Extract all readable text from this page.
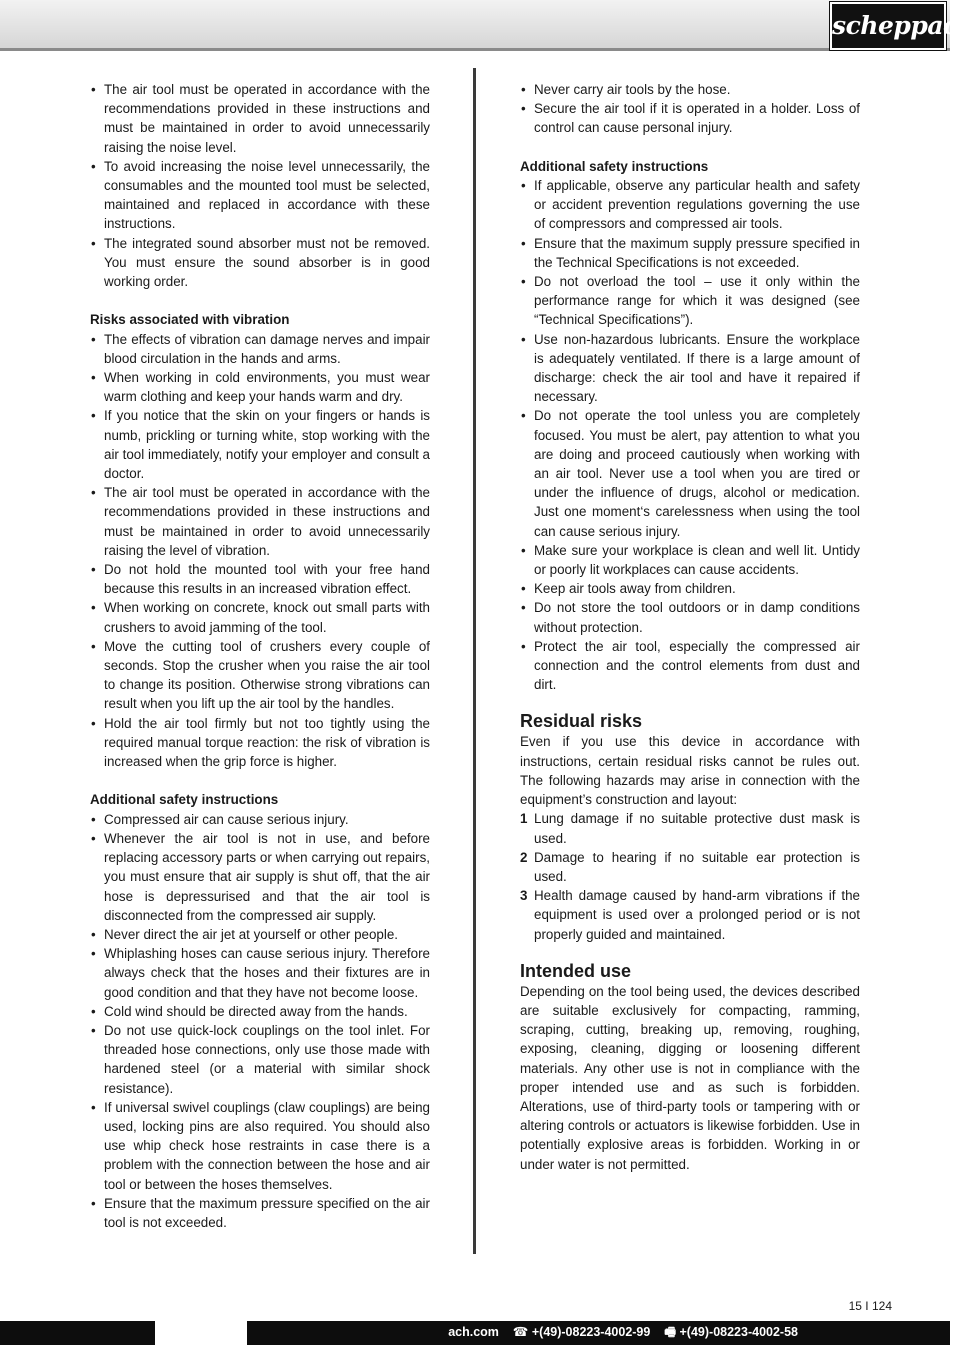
scheppach
• The air tool must be operated in accordance with the recommendations provided in these instructions and must be maintained in order to avoid unnecessarily raising the noise level.
• To avoid increasing the noise level unnecessarily, the consumables and the mounted tool must be selected, maintained and replaced in accordance with these instructions.
• The integrated sound absorber must not be removed. You must ensure the sound absorber is in good working order.
Risks associated with vibration
• The effects of vibration can damage nerves and impair blood circulation in the hands and arms.
• When working in cold environments, you must wear warm clothing and keep your hands warm and dry.
• If you notice that the skin on your fingers or hands is numb, prickling or turning white, stop working with the air tool immediately, notify your employer and consult a doctor.
• The air tool must be operated in accordance with the recommendations provided in these instructions and must be maintained in order to avoid unnecessarily raising the level of vibration.
• Do not hold the mounted tool with your free hand because this results in an increased vibration effect.
• When working on concrete, knock out small parts with crushers to avoid jamming of the tool.
• Move the cutting tool of crushers every couple of seconds. Stop the crusher when you raise the air tool to change its position. Otherwise strong vibrations can result when you lift up the air tool by the handles.
• Hold the air tool firmly but not too tightly using the required manual torque reaction: the risk of vibration is increased when the grip force is higher.
Additional safety instructions
• Compressed air can cause serious injury.
• Whenever the air tool is not in use, and before replacing accessory parts or when carrying out repairs, you must ensure that air supply is shut off, that the air hose is depressurised and that the air tool is disconnected from the compressed air supply.
• Never direct the air jet at yourself or other people.
• Whiplashing hoses can cause serious injury. Therefore always check that the hoses and their fixtures are in good condition and that they have not become loose.
• Cold wind should be directed away from the hands.
• Do not use quick-lock couplings on the tool inlet. For threaded hose connections, only use those made with hardened steel (or a material with similar shock resistance).
• If universal swivel couplings (claw couplings) are being used, locking pins are also required. You should also use whip check hose restraints in case there is a problem with the connection between the hose and air tool or between the hoses themselves.
• Ensure that the maximum pressure specified on the air tool is not exceeded.
• Never carry air tools by the hose.
• Secure the air tool if it is operated in a holder. Loss of control can cause personal injury.
Additional safety instructions
• If applicable, observe any particular health and safety or accident prevention regulations governing the use of compressors and compressed air tools.
• Ensure that the maximum supply pressure specified in the Technical Specifications is not exceeded.
• Do not overload the tool – use it only within the performance range for which it was designed (see “Technical Specifications”).
• Use non-hazardous lubricants. Ensure the workplace is adequately ventilated. If there is a large amount of discharge: check the air tool and have it repaired if necessary.
• Do not operate the tool unless you are completely focused. You must be alert, pay attention to what you are doing and proceed cautiously when working with an air tool. Never use a tool when you are tired or under the influence of drugs, alcohol or medication. Just one moment‘s carelessness when using the tool can cause serious injury.
• Make sure your workplace is clean and well lit. Untidy or poorly lit workplaces can cause accidents.
• Keep air tools away from children.
• Do not store the tool outdoors or in damp conditions without protection.
• Protect the air tool, especially the compressed air connection and the control elements from dust and dirt.
Residual risks

Even if you use this device in accordance with instructions, certain residual risks cannot be rules out. The following hazards may arise in connection with the equipment’s construction and layout:

1 Lung damage if no suitable protective dust mask is used.
2 Damage to hearing if no suitable ear protection is used.
3 Health damage caused by hand-arm vibrations if the equipment is used over a prolonged period or is not properly guided and maintained.
Intended use

Depending on the tool being used, the devices described are suitable exclusively for compacting, ramming, scraping, cutting, breaking up, removing, roughing, exposing, cleaning, digging or loosening different materials. Any other use is not in compliance with the proper intended use and as such is forbidden. Alterations, use of third-party tools or tampering with or altering controls or actuators is likewise forbidden. Use in potentially explosive areas is forbidden. Working in or under water is not permitted.

15 I 124
ach.com    ☎ +(49)-08223-4002-99    🖷 +(49)-08223-4002-58
